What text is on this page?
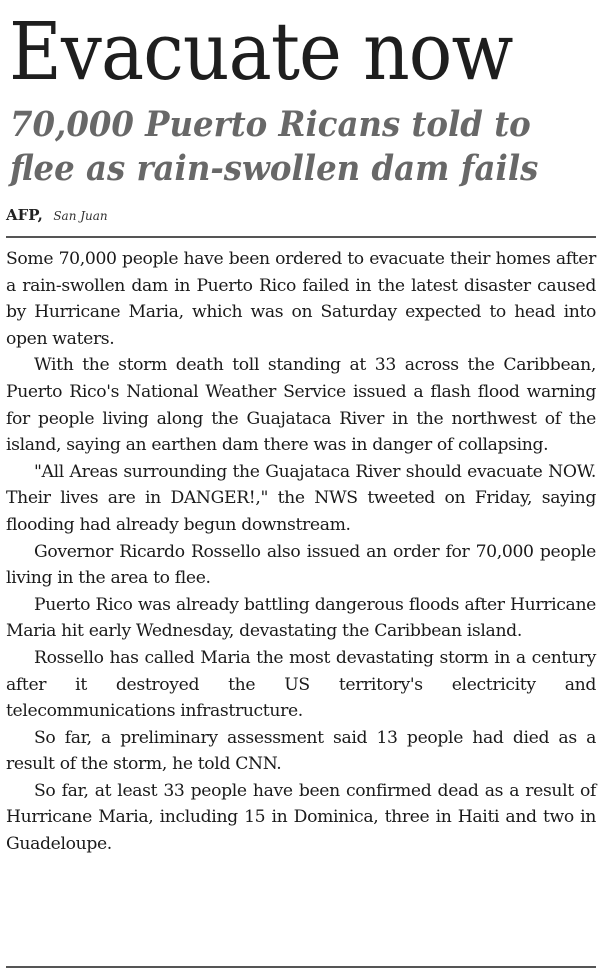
Evacuate now
70,000 Puerto Ricans told to
flee as rain-swollen dam fails
AFP, San Juan

Some 70,000 people have been ordered to evacuate their homes after a rain-swollen dam in Puerto Rico failed in the latest disaster caused by Hurricane Maria, which was on Saturday expected to head into open waters.

With the storm death toll standing at 33 across the Caribbean, Puerto Rico's National Weather Service issued a flash flood warning for people living along the Guajataca River in the northwest of the island, saying an earthen dam there was in danger of collapsing.

"All Areas surrounding the Guajataca River should evacuate NOW. Their lives are in DANGER!," the NWS tweeted on Friday, saying flooding had already begun downstream.

Governor Ricardo Rossello also issued an order for 70,000 people living in the area to flee.

Puerto Rico was already battling dangerous floods after Hurricane Maria hit early Wednesday, devastating the Caribbean island.

Rossello has called Maria the most devastating storm in a century after it destroyed the US territory's electricity and telecommunications infrastructure.

So far, a preliminary assessment said 13 people had died as a result of the storm, he told CNN.

So far, at least 33 people have been confirmed dead as a result of Hurricane Maria, including 15 in Dominica, three in Haiti and two in Guadeloupe.
